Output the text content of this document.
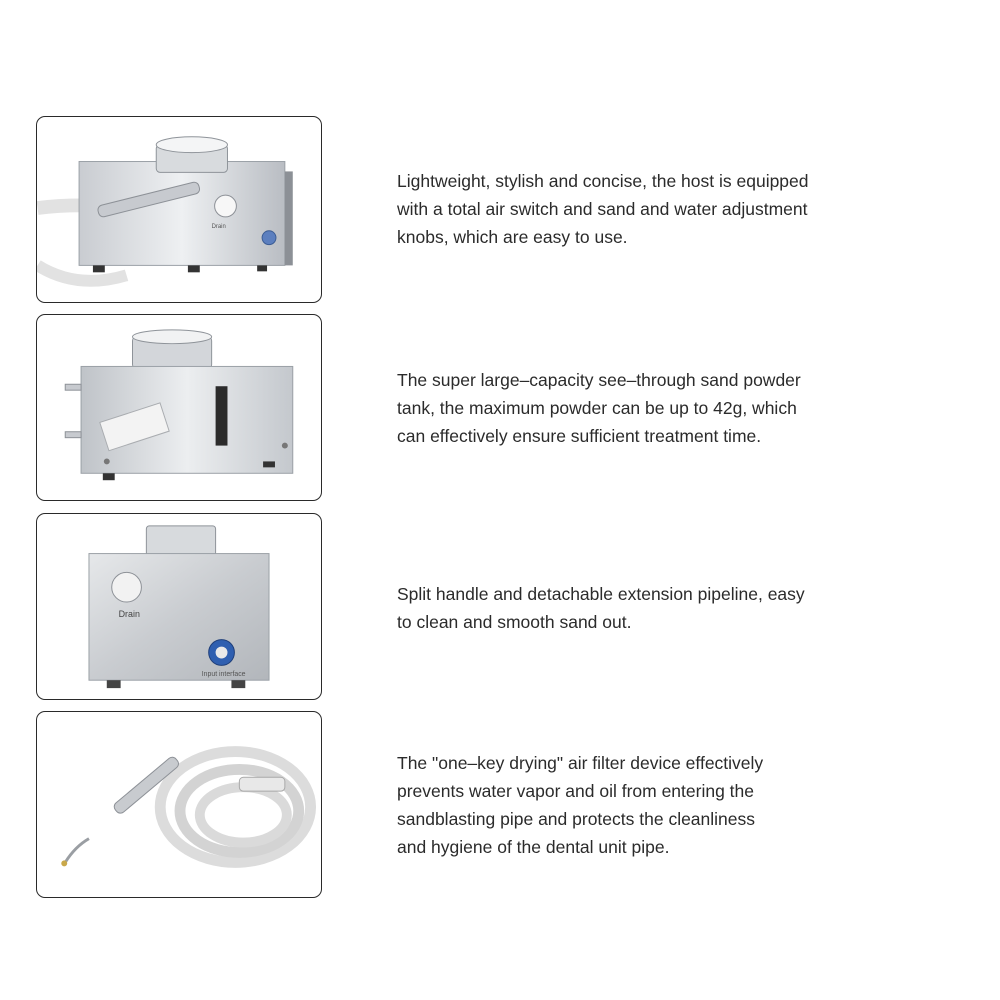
Drain

Lightweight, stylish and concise, the host is equipped
with a total air switch and sand and water adjustment
knobs, which are easy to use.

The super large–capacity see–through sand powder
tank, the maximum powder can be up to 42g, which
can effectively ensure sufficient treatment time.

Drain
Input interface

Split handle and detachable extension pipeline, easy
to clean and smooth sand out.

The "one–key drying" air filter device effectively
prevents water vapor and oil from entering the
sandblasting pipe and protects the cleanliness
and hygiene of the dental unit pipe.
